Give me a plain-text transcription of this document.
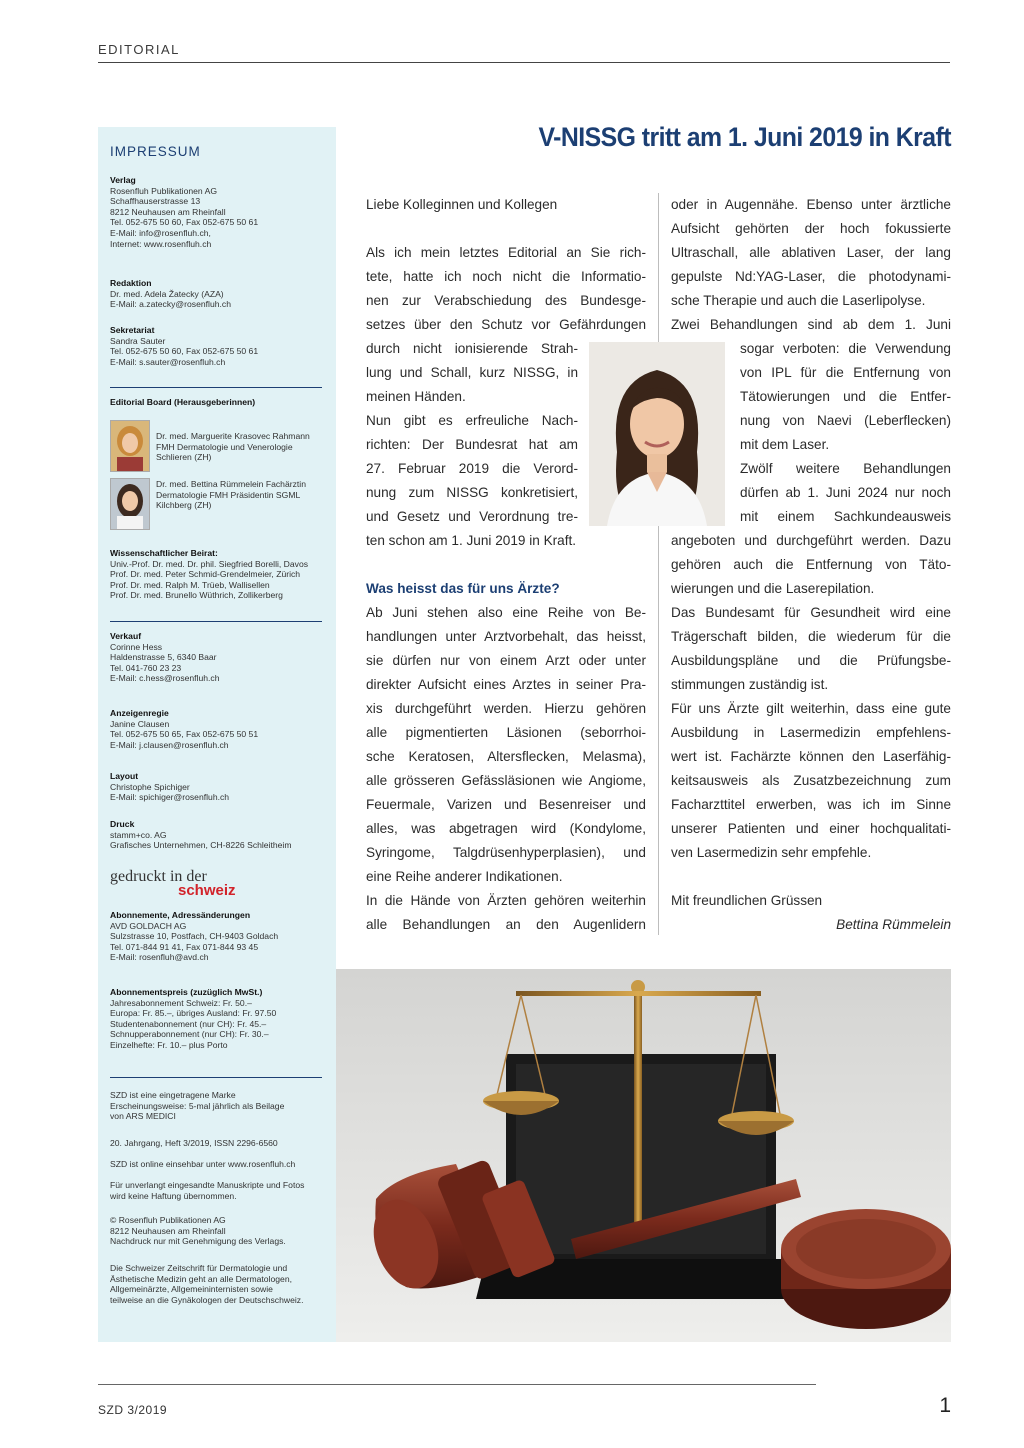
EDITORIAL
IMPRESSUM
Verlag
Rosenfluh Publikationen AG
Schaffhauserstrasse 13
8212 Neuhausen am Rheinfall
Tel. 052-675 50 60, Fax 052-675 50 61
E-Mail: info@rosenfluh.ch,
Internet: www.rosenfluh.ch
Redaktion
Dr. med. Adela Žatecky (AZA)
E-Mail: a.zatecky@rosenfluh.ch
Sekretariat
Sandra Sauter
Tel. 052-675 50 60, Fax 052-675 50 61
E-Mail: s.sauter@rosenfluh.ch
Editorial Board (Herausgeberinnen)
Dr. med. Marguerite Krasovec Rahmann FMH Dermatologie und Venerologie Schlieren (ZH)
Dr. med. Bettina Rümmelein Fachärztin Dermatologie FMH Präsidentin SGML Kilchberg (ZH)
Wissenschaftlicher Beirat:
Univ.-Prof. Dr. med. Dr. phil. Siegfried Borelli, Davos
Prof. Dr. med. Peter Schmid-Grendelmeier, Zürich
Prof. Dr. med. Ralph M. Trüeb, Wallisellen
Prof. Dr. med. Brunello Wüthrich, Zollikerberg
Verkauf
Corinne Hess
Haldenstrasse 5, 6340 Baar
Tel. 041-760 23 23
E-Mail: c.hess@rosenfluh.ch
Anzeigenregie
Janine Clausen
Tel. 052-675 50 65, Fax 052-675 50 51
E-Mail: j.clausen@rosenfluh.ch
Layout
Christophe Spichiger
E-Mail: spichiger@rosenfluh.ch
Druck
stamm+co. AG
Grafisches Unternehmen, CH-8226 Schleitheim
gedruckt in der
schweiz
Abonnemente, Adressänderungen
AVD GOLDACH AG
Sulzstrasse 10, Postfach, CH-9403 Goldach
Tel. 071-844 91 41, Fax 071-844 93 45
E-Mail: rosenfluh@avd.ch
Abonnementspreis (zuzüglich MwSt.)
Jahresabonnement Schweiz: Fr. 50.–
Europa: Fr. 85.–, übriges Ausland: Fr. 97.50
Studentenabonnement (nur CH): Fr. 45.–
Schnupperabonnement (nur CH): Fr. 30.–
Einzelhefte: Fr. 10.– plus Porto
SZD ist eine eingetragene Marke
Erscheinungsweise: 5-mal jährlich als Beilage
von ARS MEDICI
20. Jahrgang, Heft 3/2019, ISSN 2296-6560
SZD ist online einsehbar unter www.rosenfluh.ch
Für unverlangt eingesandte Manuskripte und Fotos
wird keine Haftung übernommen.
© Rosenfluh Publikationen AG
8212 Neuhausen am Rheinfall
Nachdruck nur mit Genehmigung des Verlags.
Die Schweizer Zeitschrift für Dermatologie und
Ästhetische Medizin geht an alle Dermatologen,
Allgemeinärzte, Allgemeininternisten sowie
teilweise an die Gynäkologen der Deutschschweiz.
V-NISSG tritt am 1. Juni 2019 in Kraft
Liebe Kolleginnen und Kollegen
Als ich mein letztes Editorial an Sie rich-
tete, hatte ich noch nicht die Informatio-
nen zur Verabschiedung des Bundesge-
setzes über den Schutz vor Gefährdungen
durch nicht ionisierende Strah-
lung und Schall, kurz NISSG, in
meinen Händen.
Nun gibt es erfreuliche Nach-
richten: Der Bundesrat hat am
27. Februar 2019 die Verord-
nung zum NISSG konkretisiert,
und Gesetz und Verordnung tre-
ten schon am 1. Juni 2019 in Kraft.
Was heisst das für uns Ärzte?
Ab Juni stehen also eine Reihe von Be-
handlungen unter Arztvorbehalt, das heisst,
sie dürfen nur von einem Arzt oder unter
direkter Aufsicht eines Arztes in seiner Pra-
xis durchgeführt werden. Hierzu gehören
alle pigmentierten Läsionen (seborrhoi-
sche Keratosen, Altersflecken, Melasma),
alle grösseren Gefässläsionen wie Angiome,
Feuermale, Varizen und Besenreiser und
alles, was abgetragen wird (Kondylome,
Syringome, Talgdrüsenhyperplasien), und
eine Reihe anderer Indikationen.
In die Hände von Ärzten gehören weiterhin
alle Behandlungen an den Augenlidern
oder in Augennähe. Ebenso unter ärztliche
Aufsicht gehörten der hoch fokussierte
Ultraschall, alle ablativen Laser, der lang
gepulste Nd:YAG-Laser, die photodynami-
sche Therapie und auch die Laserlipolyse.
Zwei Behandlungen sind ab dem 1. Juni
sogar verboten: die Verwendung
von IPL für die Entfernung von
Tätowierungen und die Entfer-
nung von Naevi (Leberflecken)
mit dem Laser.
Zwölf weitere Behandlungen
dürfen ab 1. Juni 2024 nur noch
mit einem Sachkundeausweis
angeboten und durchgeführt werden. Dazu
gehören auch die Entfernung von Täto-
wierungen und die Laserepilation.
Das Bundesamt für Gesundheit wird eine
Trägerschaft bilden, die wiederum für die
Ausbildungspläne und die Prüfungsbe-
stimmungen zuständig ist.
Für uns Ärzte gilt weiterhin, dass eine gute
Ausbildung in Lasermedizin empfehlens-
wert ist. Fachärzte können den Laserfähig-
keitsausweis als Zusatzbezeichnung zum
Facharzttitel erwerben, was ich im Sinne
unserer Patienten und einer hochqualitati-
ven Lasermedizin sehr empfehle.
Mit freundlichen Grüssen
Bettina Rümmelein
SZD 3/2019	1
